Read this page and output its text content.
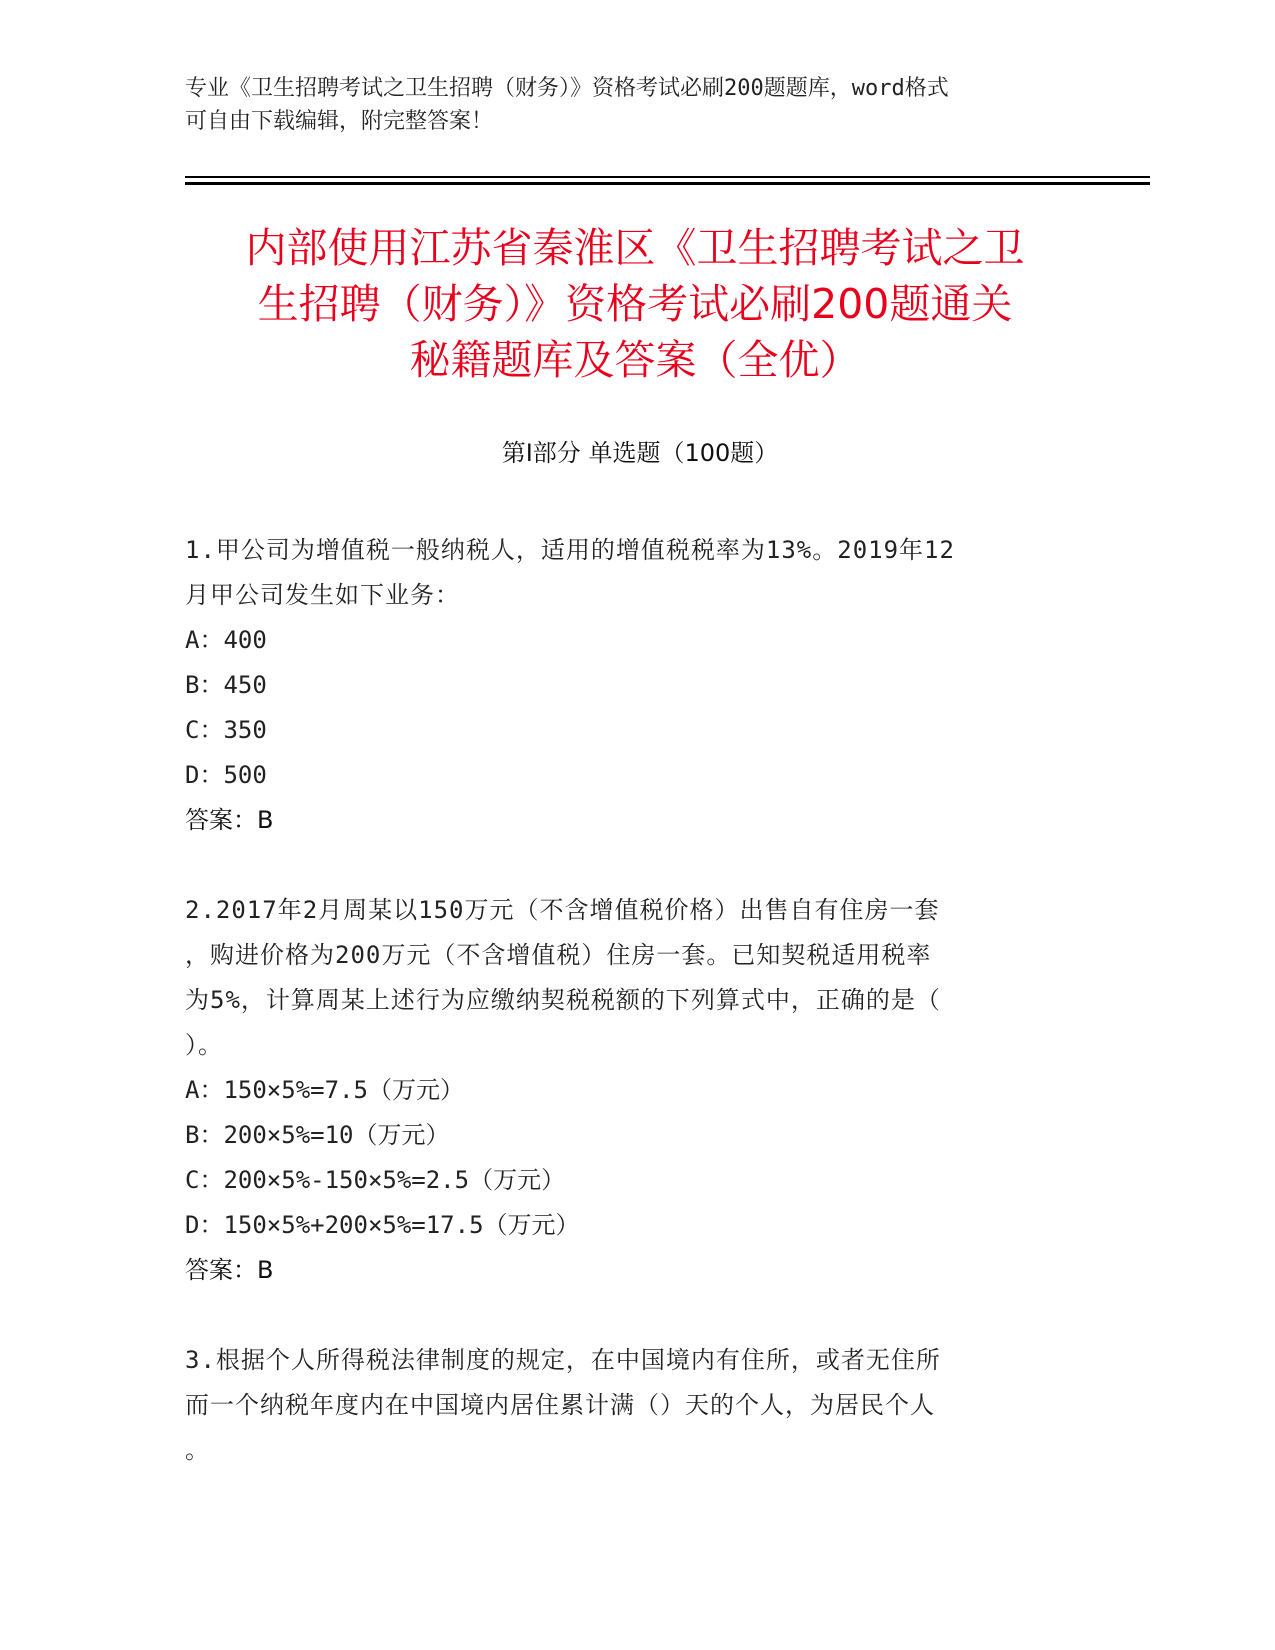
专业《卫生招聘考试之卫生招聘（财务）》资格考试必刷200题题库，word格式
可自由下载编辑，附完整答案！
内部使用江苏省秦淮区《卫生招聘考试之卫
生招聘（财务）》资格考试必刷200题通关
秘籍题库及答案（全优）
第Ⅰ部分 单选题（100题）
1.甲公司为增值税一般纳税人，适用的增值税税率为13%。2019年12
月甲公司发生如下业务：
A：400
B：450
C：350
D：500
答案：B
2.2017年2月周某以150万元（不含增值税价格）出售自有住房一套
，购进价格为200万元（不含增值税）住房一套。已知契税适用税率
为5%，计算周某上述行为应缴纳契税税额的下列算式中，正确的是（
）。
A：150×5%=7.5（万元）
B：200×5%=10（万元）
C：200×5%-150×5%=2.5（万元）
D：150×5%+200×5%=17.5（万元）
答案：B
3.根据个人所得税法律制度的规定，在中国境内有住所，或者无住所
而一个纳税年度内在中国境内居住累计满（）天的个人，为居民个人
。
